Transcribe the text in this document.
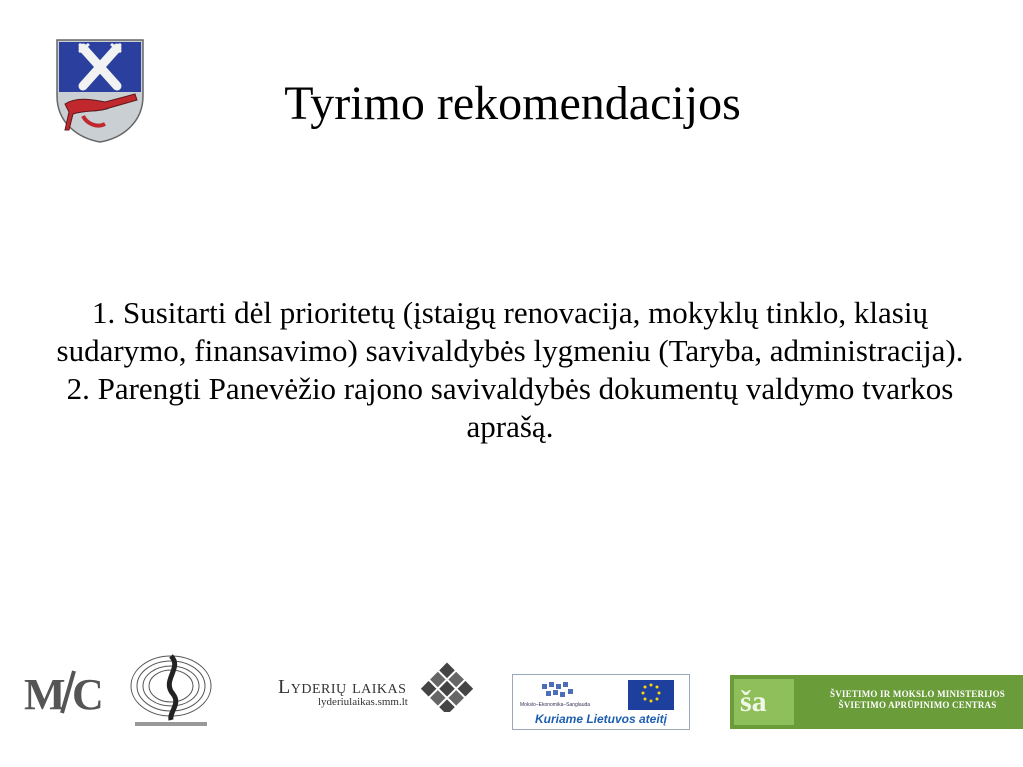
Tyrimo rekomendacijos

1. Susitarti dėl prioritetų (įstaigų renovacija, mokyklų tinklo, klasių sudarymo, finansavimo) savivaldybės lygmeniu (Taryba, administracija).

2. Parengti Panevėžio rajono savivaldybės dokumentų valdymo tvarkos aprašą.

M C	Lyderių laikas
lyderiulaikas.smm.lt	Mokslo–Ekonomika–Sanglauda
Kuriame Lietuvos ateitį
ša	ŠVIETIMO IR MOKSLO MINISTERIJOS
ŠVIETIMO APRŪPINIMO CENTRAS
